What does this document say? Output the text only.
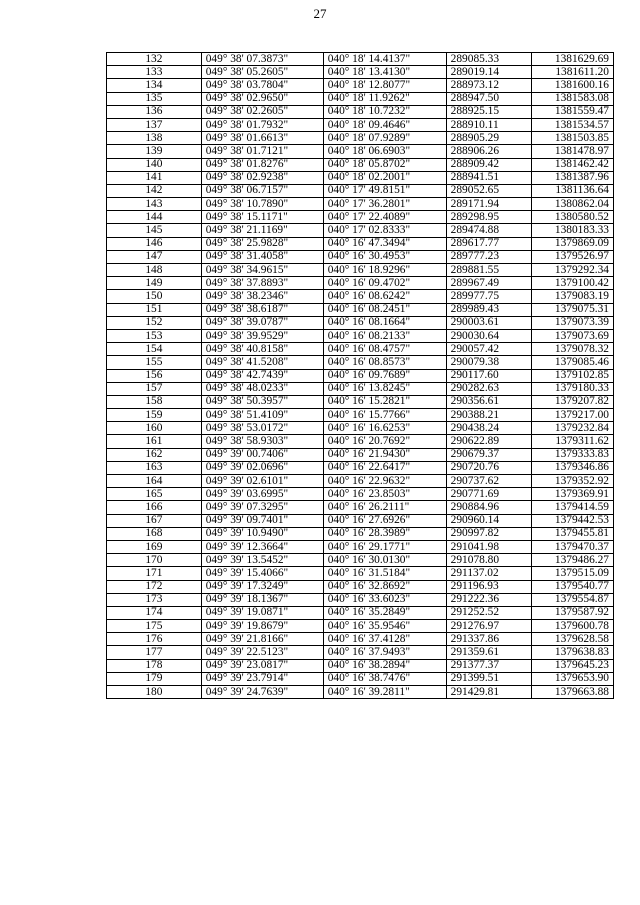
27
132	049° 38' 07.3873"	040° 18' 14.4137"	289085.33	1381629.69
133	049° 38' 05.2605"	040° 18' 13.4130"	289019.14	1381611.20
134	049° 38' 03.7804"	040° 18' 12.8077"	288973.12	1381600.16
135	049° 38' 02.9650"	040° 18' 11.9262"	288947.50	1381583.08
136	049° 38' 02.2605"	040° 18' 10.7232"	288925.15	1381559.47
137	049° 38' 01.7932"	040° 18' 09.4646"	288910.11	1381534.57
138	049° 38' 01.6613"	040° 18' 07.9289"	288905.29	1381503.85
139	049° 38' 01.7121"	040° 18' 06.6903"	288906.26	1381478.97
140	049° 38' 01.8276"	040° 18' 05.8702"	288909.42	1381462.42
141	049° 38' 02.9238"	040° 18' 02.2001"	288941.51	1381387.96
142	049° 38' 06.7157"	040° 17' 49.8151"	289052.65	1381136.64
143	049° 38' 10.7890"	040° 17' 36.2801"	289171.94	1380862.04
144	049° 38' 15.1171"	040° 17' 22.4089"	289298.95	1380580.52
145	049° 38' 21.1169"	040° 17' 02.8333"	289474.88	1380183.33
146	049° 38' 25.9828"	040° 16' 47.3494"	289617.77	1379869.09
147	049° 38' 31.4058"	040° 16' 30.4953"	289777.23	1379526.97
148	049° 38' 34.9615"	040° 16' 18.9296"	289881.55	1379292.34
149	049° 38' 37.8893"	040° 16' 09.4702"	289967.49	1379100.42
150	049° 38' 38.2346"	040° 16' 08.6242"	289977.75	1379083.19
151	049° 38' 38.6187"	040° 16' 08.2451"	289989.43	1379075.31
152	049° 38' 39.0787"	040° 16' 08.1664"	290003.61	1379073.39
153	049° 38' 39.9529"	040° 16' 08.2133"	290030.64	1379073.69
154	049° 38' 40.8158"	040° 16' 08.4757"	290057.42	1379078.32
155	049° 38' 41.5208"	040° 16' 08.8573"	290079.38	1379085.46
156	049° 38' 42.7439"	040° 16' 09.7689"	290117.60	1379102.85
157	049° 38' 48.0233"	040° 16' 13.8245"	290282.63	1379180.33
158	049° 38' 50.3957"	040° 16' 15.2821"	290356.61	1379207.82
159	049° 38' 51.4109"	040° 16' 15.7766"	290388.21	1379217.00
160	049° 38' 53.0172"	040° 16' 16.6253"	290438.24	1379232.84
161	049° 38' 58.9303"	040° 16' 20.7692"	290622.89	1379311.62
162	049° 39' 00.7406"	040° 16' 21.9430"	290679.37	1379333.83
163	049° 39' 02.0696"	040° 16' 22.6417"	290720.76	1379346.86
164	049° 39' 02.6101"	040° 16' 22.9632"	290737.62	1379352.92
165	049° 39' 03.6995"	040° 16' 23.8503"	290771.69	1379369.91
166	049° 39' 07.3295"	040° 16' 26.2111"	290884.96	1379414.59
167	049° 39' 09.7401"	040° 16' 27.6926"	290960.14	1379442.53
168	049° 39' 10.9490"	040° 16' 28.3989"	290997.82	1379455.81
169	049° 39' 12.3664"	040° 16' 29.1771"	291041.98	1379470.37
170	049° 39' 13.5452"	040° 16' 30.0130"	291078.80	1379486.27
171	049° 39' 15.4066"	040° 16' 31.5184"	291137.02	1379515.09
172	049° 39' 17.3249"	040° 16' 32.8692"	291196.93	1379540.77
173	049° 39' 18.1367"	040° 16' 33.6023"	291222.36	1379554.87
174	049° 39' 19.0871"	040° 16' 35.2849"	291252.52	1379587.92
175	049° 39' 19.8679"	040° 16' 35.9546"	291276.97	1379600.78
176	049° 39' 21.8166"	040° 16' 37.4128"	291337.86	1379628.58
177	049° 39' 22.5123"	040° 16' 37.9493"	291359.61	1379638.83
178	049° 39' 23.0817"	040° 16' 38.2894"	291377.37	1379645.23
179	049° 39' 23.7914"	040° 16' 38.7476"	291399.51	1379653.90
180	049° 39' 24.7639"	040° 16' 39.2811"	291429.81	1379663.88
